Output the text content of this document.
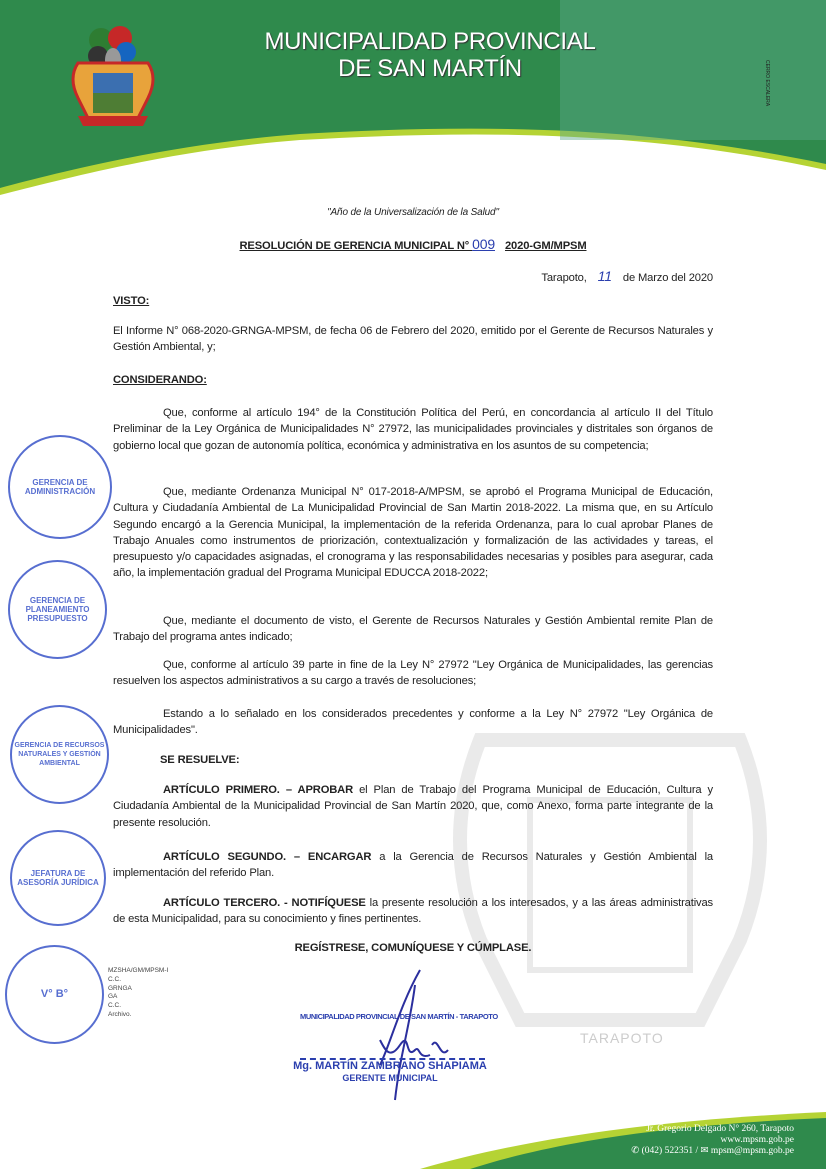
MUNICIPALIDAD PROVINCIAL
DE SAN MARTÍN	CERRO ESCALERA
TARAPOTO
"Año de la Universalización de la Salud"
RESOLUCIÓN DE GERENCIA MUNICIPAL N° 009 2020-GM/MPSM
Tarapoto, 11 de Marzo del 2020
VISTO:
El Informe N° 068-2020-GRNGA-MPSM, de fecha 06 de Febrero del 2020, emitido por el Gerente de Recursos Naturales y Gestión Ambiental, y;
CONSIDERANDO:
Que, conforme al artículo 194° de la Constitución Política del Perú, en concordancia al artículo II del Título Preliminar de la Ley Orgánica de Municipalidades N° 27972, las municipalidades provinciales y distritales son órganos de gobierno local que gozan de autonomía política, económica y administrativa en los asuntos de su competencia;
Que, mediante Ordenanza Municipal N° 017-2018-A/MPSM, se aprobó el Programa Municipal de Educación, Cultura y Ciudadanía Ambiental de La Municipalidad Provincial de San Martin 2018-2022. La misma que, en su Artículo Segundo encargó a la Gerencia Municipal, la implementación de la referida Ordenanza, para lo cual aprobar Planes de Trabajo Anuales como instrumentos de priorización, contextualización y formalización de las actividades y tareas, el presupuesto y/o capacidades asignadas, el cronograma y las responsabilidades necesarias y posibles para asegurar, cada año, la implementación gradual del Programa Municipal EDUCCA 2018-2022;
Que, mediante el documento de visto, el Gerente de Recursos Naturales y Gestión Ambiental remite Plan de Trabajo del programa antes indicado;
Que, conforme al artículo 39 parte in fine de la Ley N° 27972 "Ley Orgánica de Municipalidades, las gerencias resuelven los aspectos administrativos a su cargo a través de resoluciones;
Estando a lo señalado en los considerados precedentes y conforme a la Ley N° 27972 "Ley Orgánica de Municipalidades".
SE RESUELVE:
ARTÍCULO PRIMERO. – APROBAR el Plan de Trabajo del Programa Municipal de Educación, Cultura y Ciudadanía Ambiental de la Municipalidad Provincial de San Martín 2020, que, como Anexo, forma parte integrante de la presente resolución.
ARTÍCULO SEGUNDO. – ENCARGAR a la Gerencia de Recursos Naturales y Gestión Ambiental la implementación del referido Plan.
ARTÍCULO TERCERO. - NOTIFÍQUESE la presente resolución a los interesados, y a las áreas administrativas de esta Municipalidad, para su conocimiento y fines pertinentes.
REGÍSTRESE, COMUNÍQUESE Y CÚMPLASE.
MZSHA/GM/MPSM-I
C.C.
GRNGA
GA
C.C.
Archivo.	MUNICIPALIDAD PROVINCIAL DE SAN MARTÍN - TARAPOTO
Mg. MARTÍN ZAMBRANO SHAPIAMA
GERENTE MUNICIPAL
GERENCIA DE ADMINISTRACIÓN
GERENCIA DE PLANEAMIENTO PRESUPUESTO
GERENCIA DE RECURSOS NATURALES Y GESTIÓN AMBIENTAL
JEFATURA DE ASESORÍA JURÍDICA
V° B°
Jr. Gregorio Delgado N° 260, Tarapoto
www.mpsm.gob.pe
✆ (042) 522351 / ✉ mpsm@mpsm.gob.pe
